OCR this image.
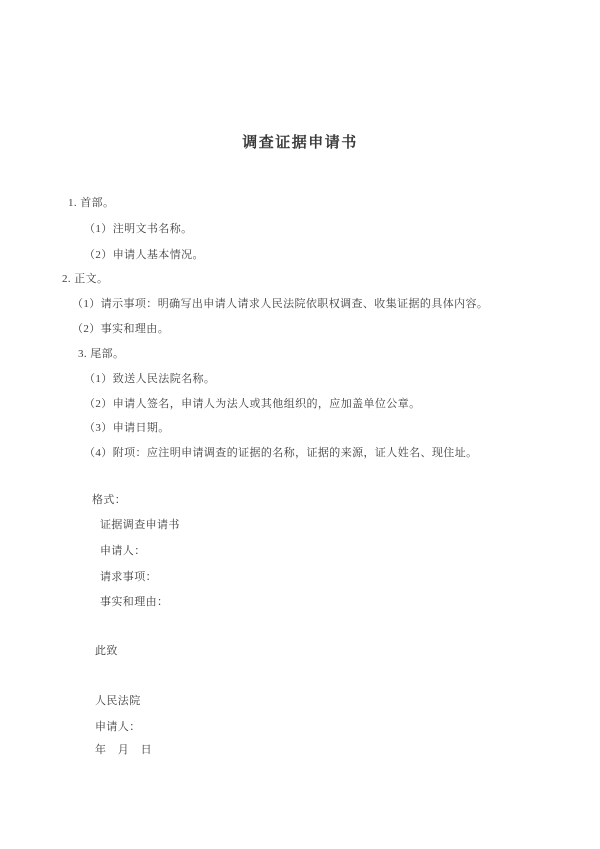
调查证据申请书
1. 首部。
（1）注明文书名称。
（2）申请人基本情况。
2. 正文。
（1）请示事项：明确写出申请人请求人民法院依职权调查、收集证据的具体内容。
（2）事实和理由。
3. 尾部。
（1）致送人民法院名称。
（2）申请人签名，申请人为法人或其他组织的，应加盖单位公章。
（3）申请日期。
（4）附项：应注明申请调查的证据的名称，证据的来源，证人姓名、现住址。
格式：
证据调查申请书
申请人：
请求事项：
事实和理由：
此致
人民法院
申请人：
年　月　日
